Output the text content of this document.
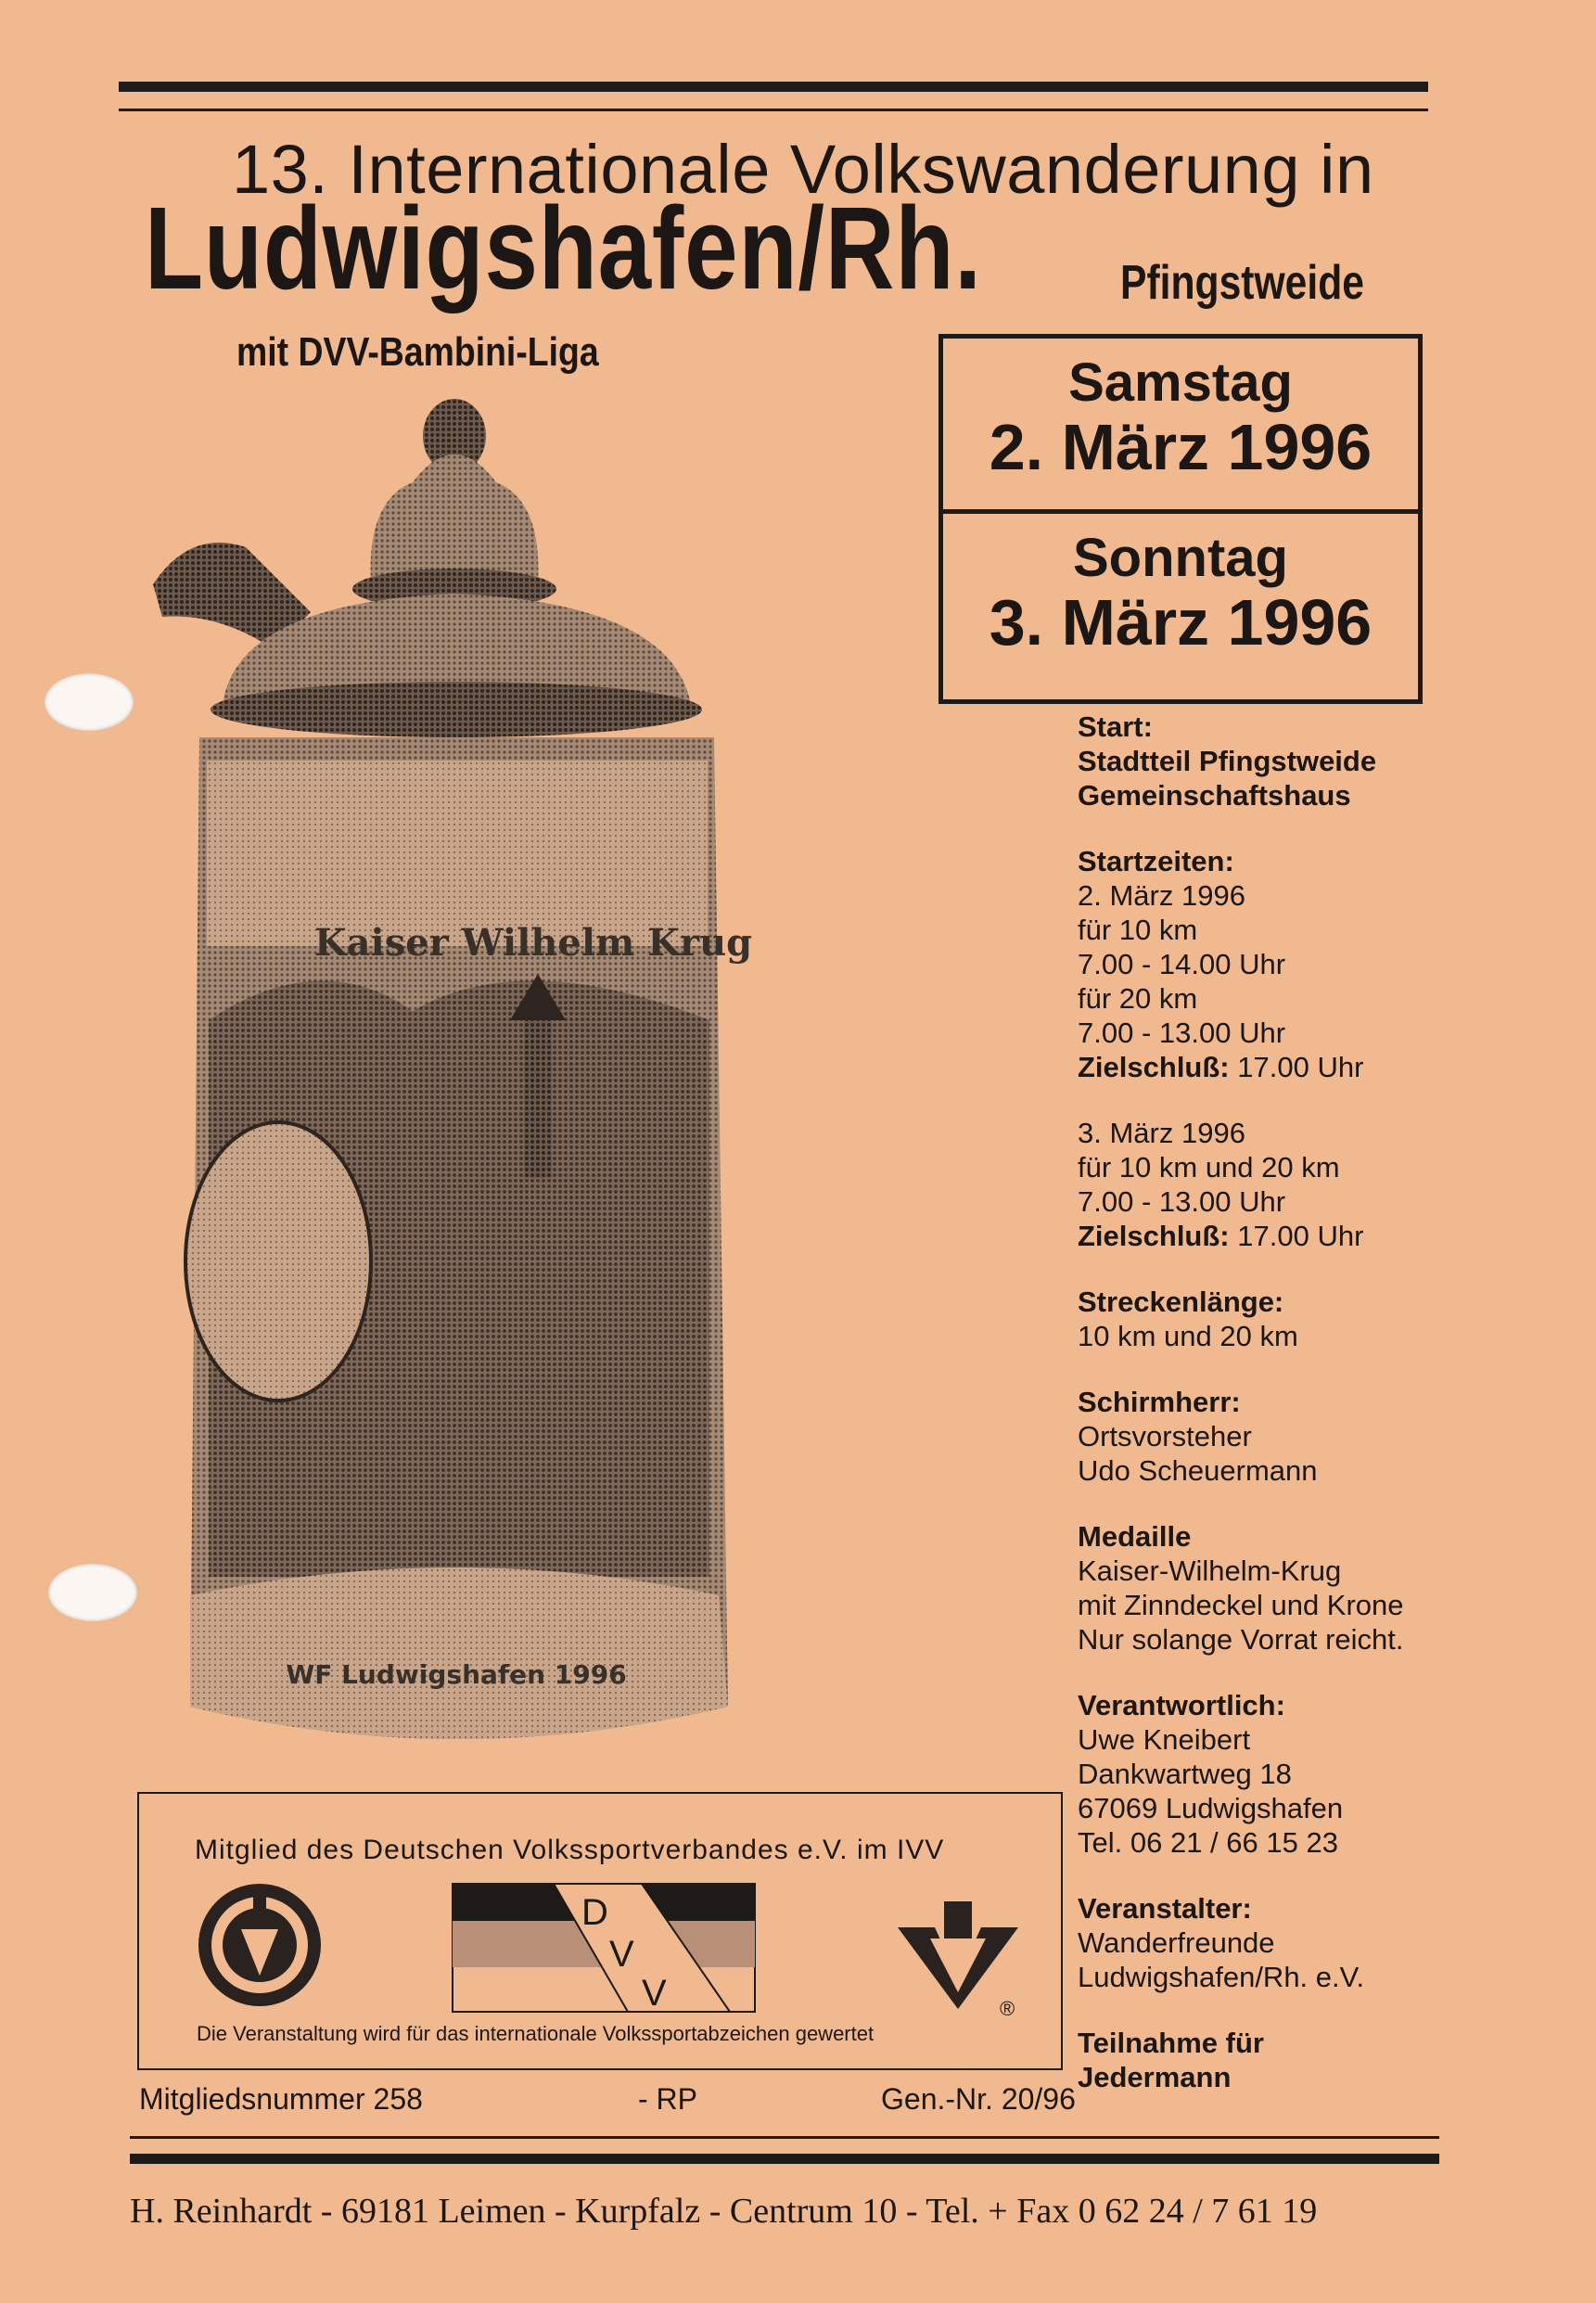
13. Internationale Volkswanderung in
Ludwigshafen/Rh.	Pfingstweide
mit DVV-Bambini-Liga
Samstag
2. März 1996
Sonntag
3. März 1996
Start:
Stadtteil Pfingstweide
Gemeinschaftshaus
Startzeiten:
2. März 1996
für 10 km
7.00 - 14.00 Uhr
für 20 km
7.00 - 13.00 Uhr
Zielschluß: 17.00 Uhr
3. März 1996
für 10 km und 20 km
7.00 - 13.00 Uhr
Zielschluß: 17.00 Uhr
Streckenlänge:
10 km und 20 km
Schirmherr:
Ortsvorsteher
Udo Scheuermann
Medaille
Kaiser-Wilhelm-Krug
mit Zinndeckel und Krone
Nur solange Vorrat reicht.
Verantwortlich:
Uwe Kneibert
Dankwartweg 18
67069 Ludwigshafen
Tel. 06 21 / 66 15 23
Veranstalter:
Wanderfreunde
Ludwigshafen/Rh. e.V.
Teilnahme für
Jedermann
Kaiser Wilhelm Krug
WF Ludwigshafen 1996
Mitglied des Deutschen Volkssportverbandes e.V. im IVV
D
V
V	®
Die Veranstaltung wird für das internationale Volkssportabzeichen gewertet
Mitgliedsnummer 258	- RP	Gen.-Nr. 20/96
H. Reinhardt - 69181 Leimen - Kurpfalz - Centrum 10 - Tel. + Fax 0 62 24 / 7 61 19
